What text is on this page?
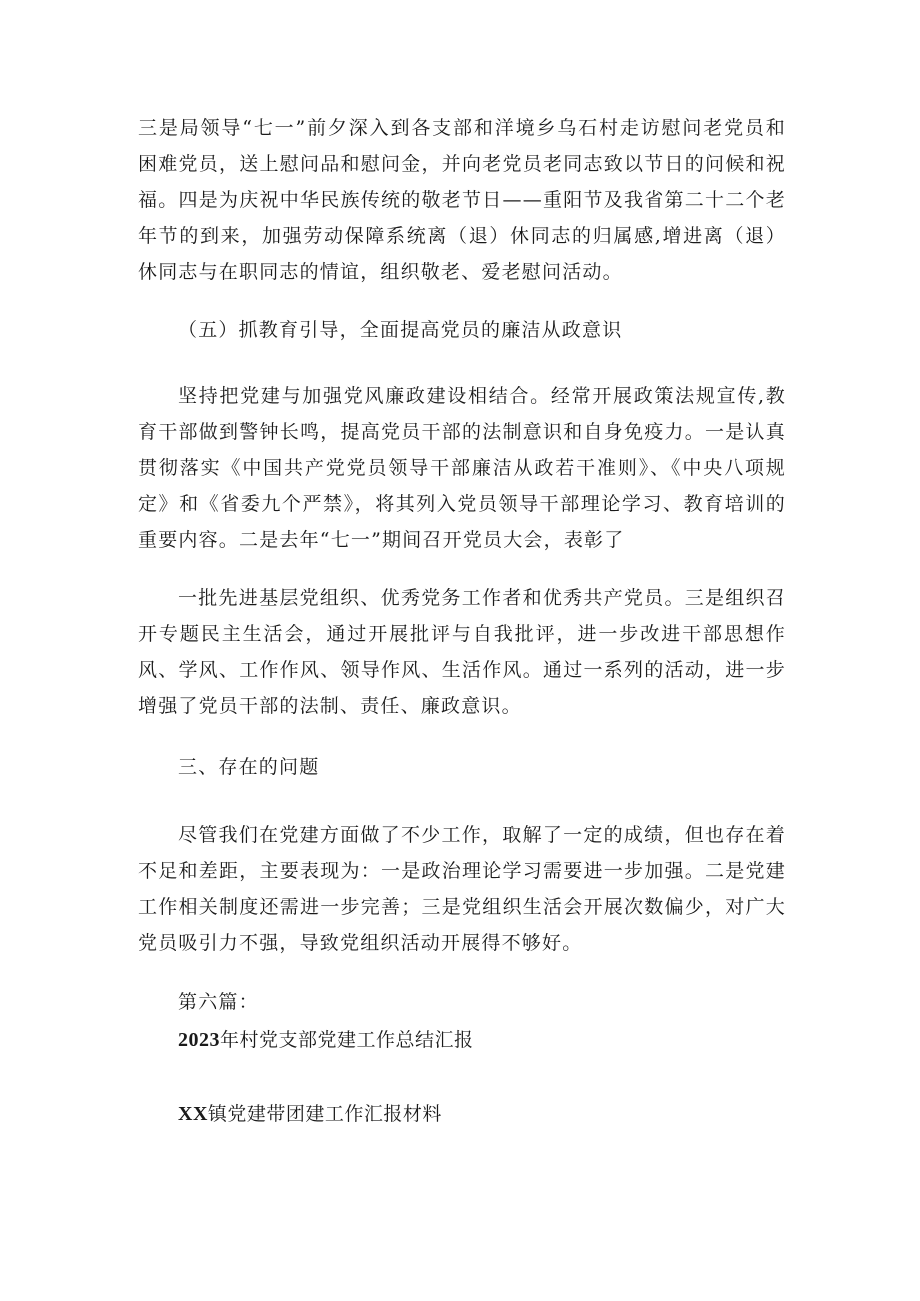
三是局领导“七一”前夕深入到各支部和洋境乡乌石村走访慰问老党员和困难党员，送上慰问品和慰问金，并向老党员老同志致以节日的问候和祝福。四是为庆祝中华民族传统的敬老节日——重阳节及我省第二十二个老年节的到来，加强劳动保障系统离（退）休同志的归属感,增进离（退）休同志与在职同志的情谊，组织敬老、爱老慰问活动。

（五）抓教育引导，全面提高党员的廉洁从政意识

坚持把党建与加强党风廉政建设相结合。经常开展政策法规宣传,教育干部做到警钟长鸣，提高党员干部的法制意识和自身免疫力。一是认真贯彻落实《中国共产党党员领导干部廉洁从政若干准则》、《中央八项规定》和《省委九个严禁》，将其列入党员领导干部理论学习、教育培训的重要内容。二是去年“七一”期间召开党员大会，表彰了

一批先进基层党组织、优秀党务工作者和优秀共产党员。三是组织召开专题民主生活会，通过开展批评与自我批评，进一步改进干部思想作风、学风、工作作风、领导作风、生活作风。通过一系列的活动，进一步增强了党员干部的法制、责任、廉政意识。

三、存在的问题

尽管我们在党建方面做了不少工作，取解了一定的成绩，但也存在着不足和差距，主要表现为：一是政治理论学习需要进一步加强。二是党建工作相关制度还需进一步完善；三是党组织生活会开展次数偏少，对广大党员吸引力不强，导致党组织活动开展得不够好。

第六篇：

2023年村党支部党建工作总结汇报

XX镇党建带团建工作汇报材料
